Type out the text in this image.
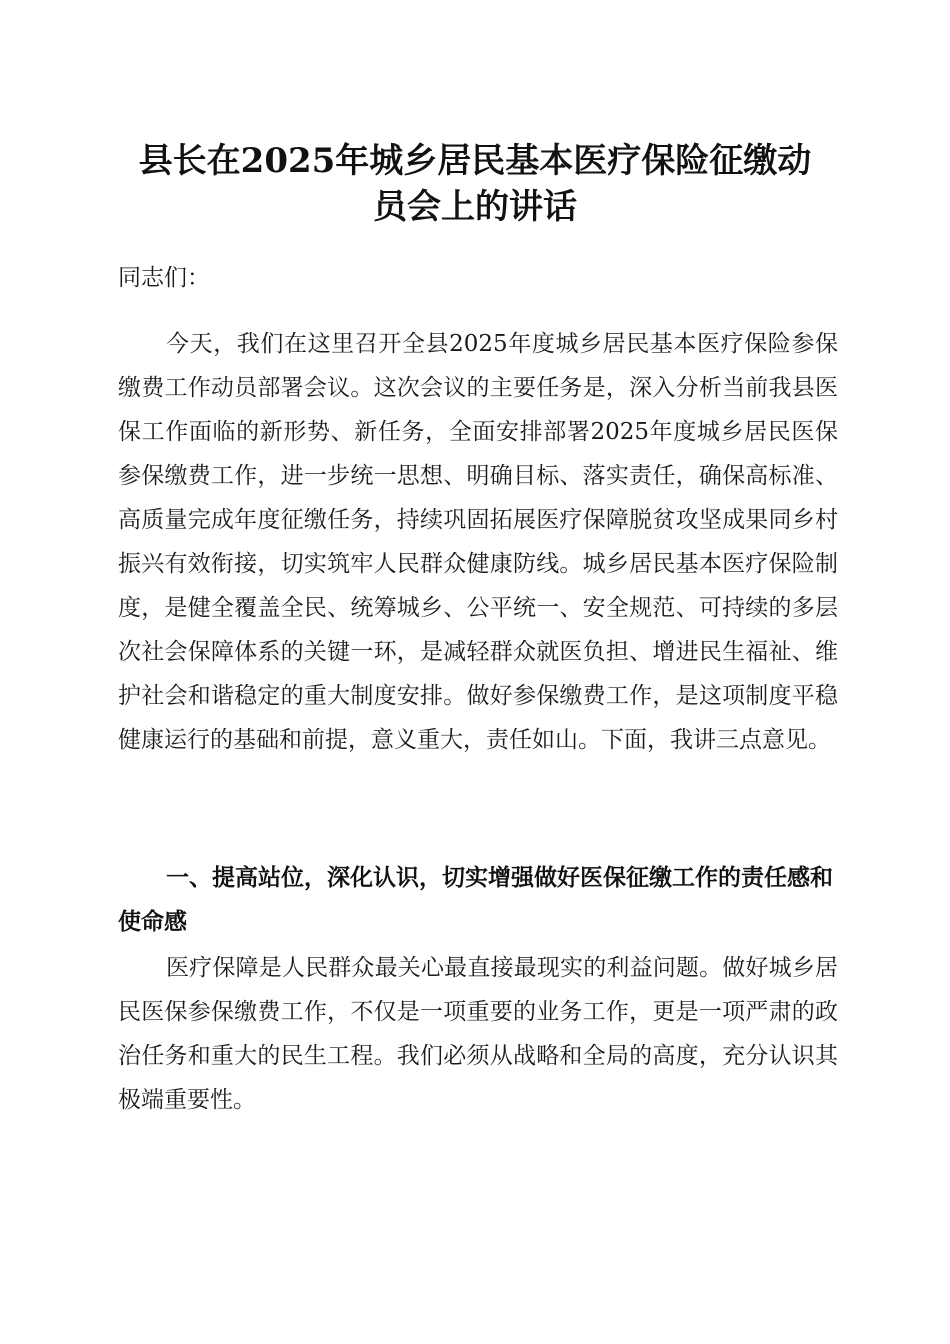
县长在2025年城乡居民基本医疗保险征缴动
员会上的讲话
同志们：

今天，我们在这里召开全县2025年度城乡居民基本医疗保险参保缴费工作动员部署会议。这次会议的主要任务是，深入分析当前我县医保工作面临的新形势、新任务，全面安排部署2025年度城乡居民医保参保缴费工作，进一步统一思想、明确目标、落实责任，确保高标准、高质量完成年度征缴任务，持续巩固拓展医疗保障脱贫攻坚成果同乡村振兴有效衔接，切实筑牢人民群众健康防线。城乡居民基本医疗保险制度，是健全覆盖全民、统筹城乡、公平统一、安全规范、可持续的多层次社会保障体系的关键一环，是减轻群众就医负担、增进民生福祉、维护社会和谐稳定的重大制度安排。做好参保缴费工作，是这项制度平稳健康运行的基础和前提，意义重大，责任如山。下面，我讲三点意见。

一、提高站位，深化认识，切实增强做好医保征缴工作的责任感和使命感

医疗保障是人民群众最关心最直接最现实的利益问题。做好城乡居民医保参保缴费工作，不仅是一项重要的业务工作，更是一项严肃的政治任务和重大的民生工程。我们必须从战略和全局的高度，充分认识其极端重要性。
